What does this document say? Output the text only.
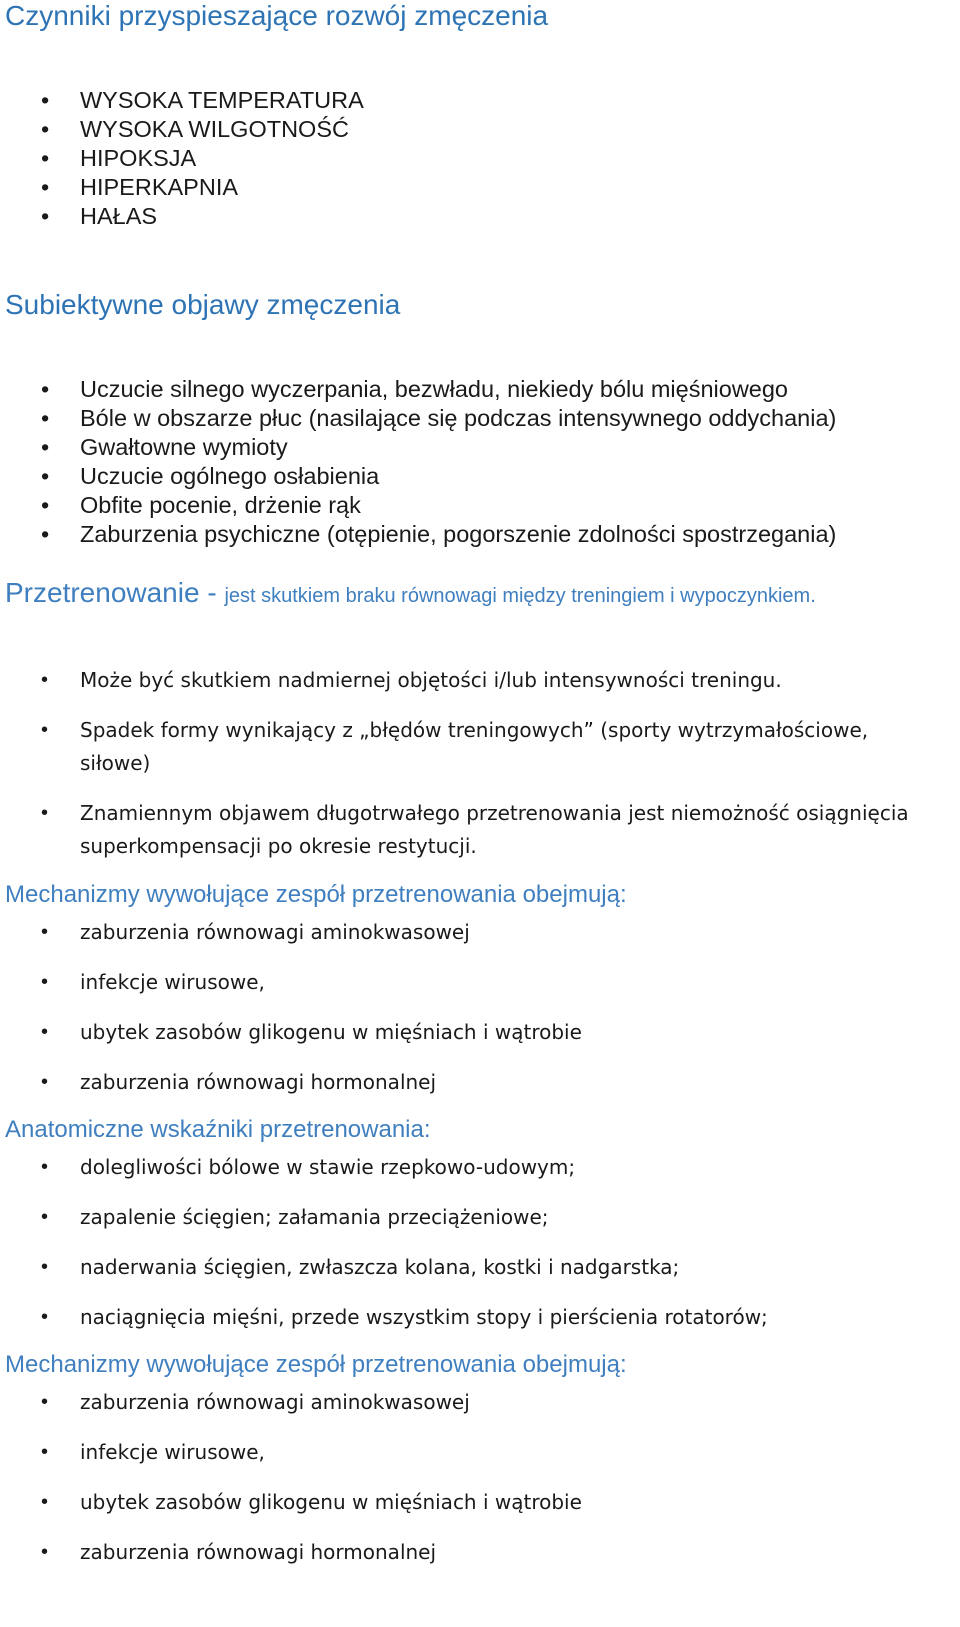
Czynniki przyspieszające rozwój zmęczenia
• WYSOKA TEMPERATURA
• WYSOKA WILGOTNOŚĆ
• HIPOKSJA
• HIPERKAPNIA
• HAŁAS
Subiektywne objawy zmęczenia
• Uczucie silnego wyczerpania, bezwładu, niekiedy bólu mięśniowego
• Bóle w obszarze płuc (nasilające się podczas intensywnego oddychania)
• Gwałtowne wymioty
• Uczucie ogólnego osłabienia
• Obfite pocenie, drżenie rąk
• Zaburzenia psychiczne (otępienie, pogorszenie zdolności spostrzegania)
Przetrenowanie - jest skutkiem braku równowagi między treningiem i wypoczynkiem.
• Może być skutkiem nadmiernej objętości i/lub intensywności treningu.
• Spadek formy wynikający z „błędów treningowych” (sporty wytrzymałościowe, siłowe)
• Znamiennym objawem długotrwałego przetrenowania jest niemożność osiągnięcia superkompensacji po okresie restytucji.
Mechanizmy wywołujące zespół przetrenowania obejmują:
• zaburzenia równowagi aminokwasowej
• infekcje wirusowe,
• ubytek zasobów glikogenu w mięśniach i wątrobie
• zaburzenia równowagi hormonalnej
Anatomiczne wskaźniki przetrenowania:
• dolegliwości bólowe w stawie rzepkowo-udowym;
• zapalenie ścięgien; załamania przeciążeniowe;
• naderwania ścięgien, zwłaszcza kolana, kostki i nadgarstka;
• naciągnięcia mięśni, przede wszystkim stopy i pierścienia rotatorów;
Mechanizmy wywołujące zespół przetrenowania obejmują:
• zaburzenia równowagi aminokwasowej
• infekcje wirusowe,
• ubytek zasobów glikogenu w mięśniach i wątrobie
• zaburzenia równowagi hormonalnej
